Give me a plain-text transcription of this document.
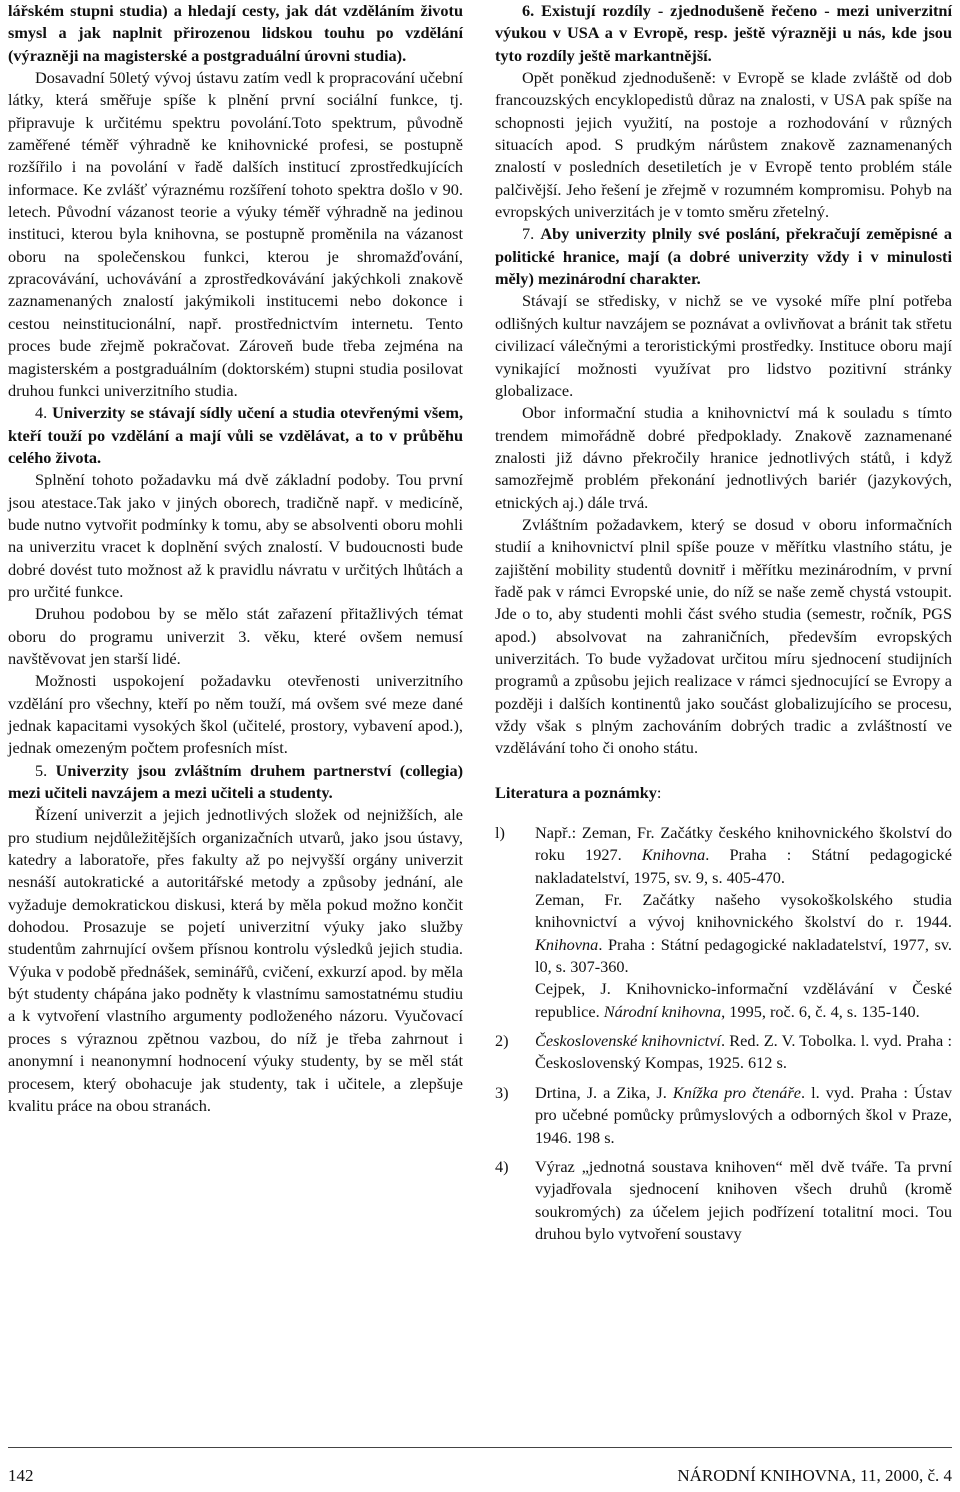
lářském stupni studia) a hledají cesty, jak dát vzděláním životu smysl a jak naplnit přirozenou lidskou touhu po vzdělání (výrazněji na magisterské a postgraduální úrovni studia).

Dosavadní 50letý vývoj ústavu zatím vedl k propracování učební látky, která směřuje spíše k plnění první sociální funkce, tj. připravuje k určitému spektru povolání.Toto spektrum, původně zaměřené téměř výhradně ke knihovnické profesi, se postupně rozšířilo i na povolání v řadě dalších institucí zprostředkujících informace. Ke zvlášť výraznému rozšíření tohoto spektra došlo v 90. letech. Původní vázanost teorie a výuky téměř výhradně na jedinou instituci, kterou byla knihovna, se postupně proměnila na vázanost oboru na společenskou funkci, kterou je shromažďování, zpracovávání, uchovávání a zprostředkovávání jakýchkoli znakově zaznamenaných znalostí jakýmikoli institucemi nebo dokonce i cestou neinstitucionální, např. prostřednictvím internetu. Tento proces bude zřejmě pokračovat. Zároveň bude třeba zejména na magisterském a postgraduálním (doktorském) stupni studia posilovat druhou funkci univerzitního studia.

4. Univerzity se stávají sídly učení a studia otevřenými všem, kteří touží po vzdělání a mají vůli se vzdělávat, a to v průběhu celého života.

Splnění tohoto požadavku má dvě základní podoby. Tou první jsou atestace.Tak jako v jiných oborech, tradičně např. v medicíně, bude nutno vytvořit podmínky k tomu, aby se absolventi oboru mohli na univerzitu vracet k doplnění svých znalostí. V budoucnosti bude dobré dovést tuto možnost až k pravidlu návratu v určitých lhůtách a pro určité funkce.

Druhou podobou by se mělo stát zařazení přitažlivých témat oboru do programu univerzit 3. věku, které ovšem nemusí navštěvovat jen starší lidé.

Možnosti uspokojení požadavku otevřenosti univerzitního vzdělání pro všechny, kteří po něm touží, má ovšem své meze dané jednak kapacitami vysokých škol (učitelé, prostory, vybavení apod.), jednak omezeným počtem profesních míst.

5. Univerzity jsou zvláštním druhem partnerství (collegia) mezi učiteli navzájem a mezi učiteli a studenty.

Řízení univerzit a jejich jednotlivých složek od nejnižších, ale pro studium nejdůležitějších organizačních utvarů, jako jsou ústavy, katedry a laboratoře, přes fakulty až po nejvyšší orgány univerzit nesnáší autokratické a autoritářské metody a způsoby jednání, ale vyžaduje demokratickou diskusi, která by měla pokud možno končit dohodou. Prosazuje se pojetí univerzitní výuky jako služby studentům zahrnující ovšem přísnou kontrolu výsledků jejich studia. Výuka v podobě přednášek, seminářů, cvičení, exkurzí apod. by měla být studenty chápána jako podněty k vlastnímu samostatnému studiu a k vytvoření vlastního argumenty podloženého názoru. Vyučovací proces s výraznou zpětnou vazbou, do níž je třeba zahrnout i anonymní i neanonymní hodnocení výuky studenty, by se měl stát procesem, který obohacuje jak studenty, tak i učitele, a zlepšuje kvalitu práce na obou stranách.

6. Existují rozdíly - zjednodušeně řečeno - mezi univerzitní výukou v USA a v Evropě, resp. ještě výrazněji u nás, kde jsou tyto rozdíly ještě markantnější.

Opět poněkud zjednodušeně: v Evropě se klade zvláště od dob francouzských encyklopedistů důraz na znalosti, v USA pak spíše na schopnosti jejich využití, na postoje a rozhodování v různých situacích apod. S prudkým nárůstem znakově zaznamenaných znalostí v posledních desetiletích je v Evropě tento problém stále palčivější. Jeho řešení je zřejmě v rozumném kompromisu. Pohyb na evropských univerzitách je v tomto směru zřetelný.

7. Aby univerzity plnily své poslání, překračují zeměpisné a politické hranice, mají (a dobré univerzity vždy i v minulosti měly) mezinárodní charakter.

Stávají se středisky, v nichž se ve vysoké míře plní potřeba odlišných kultur navzájem se poznávat a ovlivňovat a bránit tak střetu civilizací válečnými a teroristickými prostředky. Instituce oboru mají vynikající možnosti využívat pro lidstvo pozitivní stránky globalizace.

Obor informační studia a knihovnictví má k souladu s tímto trendem mimořádně dobré předpoklady. Znakově zaznamenané znalosti již dávno překročily hranice jednotlivých států, i když samozřejmě problém překonání jednotlivých bariér (jazykových, etnických aj.) dále trvá.

Zvláštním požadavkem, který se dosud v oboru informačních studií a knihovnictví plnil spíše pouze v měřítku vlastního státu, je zajištění mobility studentů dovnitř i měřítku mezinárodním, v první řadě pak v rámci Evropské unie, do níž se naše země chystá vstoupit. Jde o to, aby studenti mohli část svého studia (semestr, ročník, PGS apod.) absolvovat na zahraničních, především evropských univerzitách. To bude vyžadovat určitou míru sjednocení studijních programů a způsobu jejich realizace v rámci sjednocující se Evropy a později i dalších kontinentů jako součást globalizujícího se procesu, vždy však s plným zachováním dobrých tradic a zvláštností ve vzdělávání toho či onoho státu.

Literatura a poznámky:

l)	Např.: Zeman, Fr. Začátky českého knihovnického školství do roku 1927. Knihovna. Praha : Státní pedagogické nakladatelství, 1975, sv. 9, s. 405-470.

Zeman, Fr. Začátky našeho vysokoškolského studia knihovnictví a vývoj knihovnického školství do r. 1944. Knihovna. Praha : Státní pedagogické nakladatelství, 1977, sv. l0, s. 307-360.

Cejpek, J. Knihovnicko-informační vzdělávání v České republice. Národní knihovna, 1995, roč. 6, č. 4, s. 135-140.

2)	Československé knihovnictví. Red. Z. V. Tobolka. l. vyd. Praha : Československý Kompas, 1925. 612 s.

3)	Drtina, J. a Zika, J. Knížka pro čtenáře. l. vyd. Praha : Ústav pro učebné pomůcky průmyslových a odborných škol v Praze, 1946. 198 s.

4)	Výraz „jednotná soustava knihoven“ měl dvě tváře. Ta první vyjadřovala sjednocení knihoven všech druhů (kromě soukromých) za účelem jejich podřízení totalitní moci. Tou druhou bylo vytvoření soustavy

142	NÁRODNÍ KNIHOVNA, 11, 2000, č. 4
